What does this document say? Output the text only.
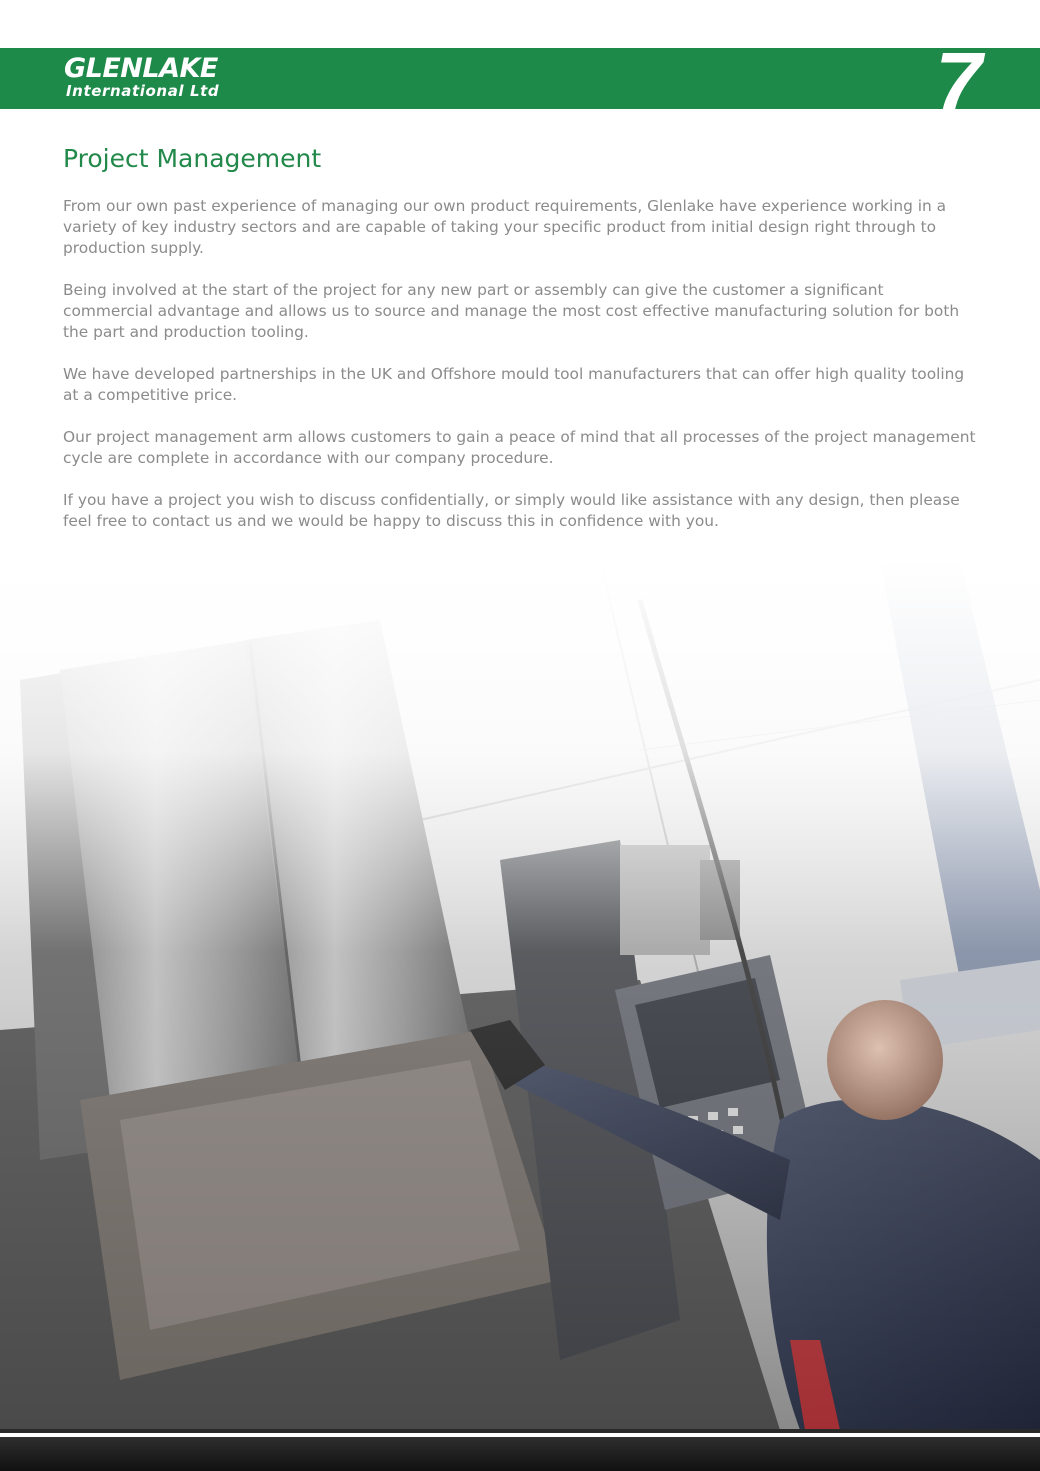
GLENLAKE
International Ltd	7
Project Management

From our own past experience of managing our own product requirements, Glenlake have experience working in a variety of key industry sectors and are capable of taking your specific product from initial design right through to production supply.

Being involved at the start of the project for any new part or assembly can give the customer a significant commercial advantage and allows us to source and manage the most cost effective manufacturing solution for both the part and production tooling.

We have developed partnerships in the UK and Offshore mould tool manufacturers that can offer high quality tooling at a competitive price.

Our project management arm allows customers to gain a peace of mind that all processes of the project management cycle are complete in accordance with our company procedure.

If you have a project you wish to discuss confidentially, or simply would like assistance with any design, then please feel free to contact us and we would be happy to discuss this in confidence with you.
